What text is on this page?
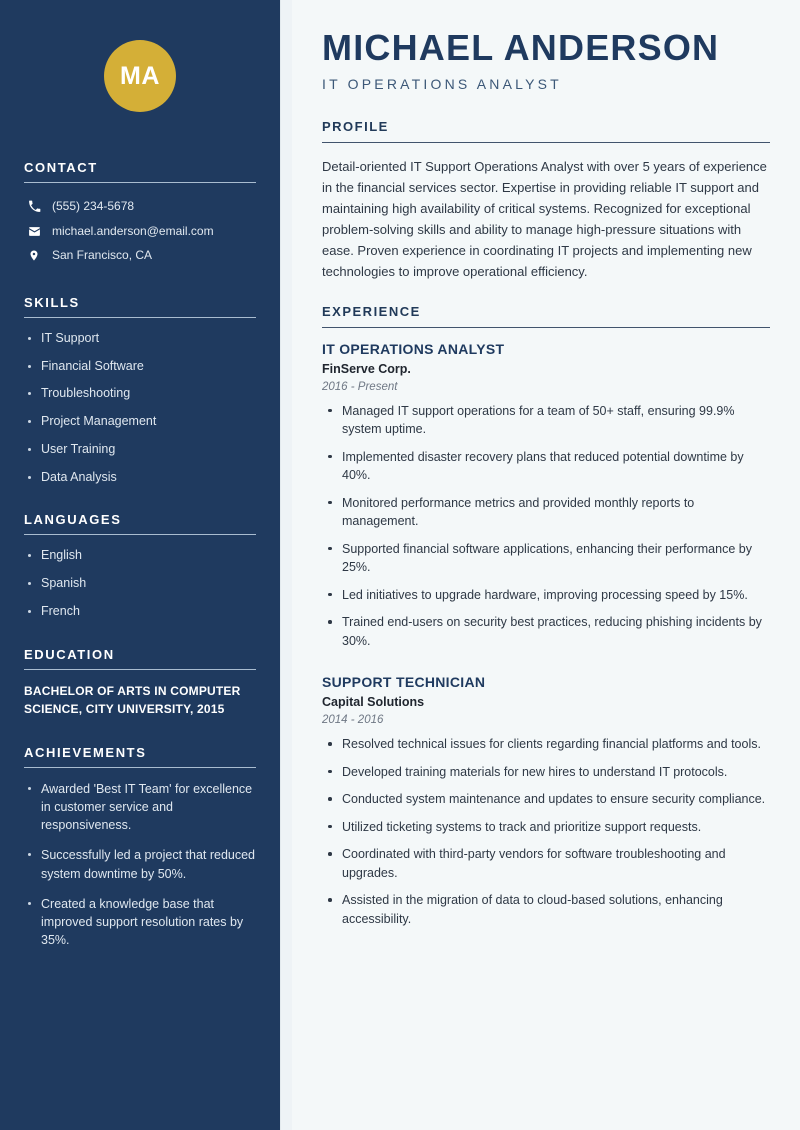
MA
CONTACT
(555) 234-5678
michael.anderson@email.com
San Francisco, CA
SKILLS
IT Support
Financial Software
Troubleshooting
Project Management
User Training
Data Analysis
LANGUAGES
English
Spanish
French
EDUCATION
BACHELOR OF ARTS IN COMPUTER SCIENCE, CITY UNIVERSITY, 2015
ACHIEVEMENTS
Awarded 'Best IT Team' for excellence in customer service and responsiveness.
Successfully led a project that reduced system downtime by 50%.
Created a knowledge base that improved support resolution rates by 35%.
MICHAEL ANDERSON
IT OPERATIONS ANALYST
PROFILE

Detail-oriented IT Support Operations Analyst with over 5 years of experience in the financial services sector. Expertise in providing reliable IT support and maintaining high availability of critical systems. Recognized for exceptional problem-solving skills and ability to manage high-pressure situations with ease. Proven experience in coordinating IT projects and implementing new technologies to improve operational efficiency.

EXPERIENCE
IT OPERATIONS ANALYST
FinServe Corp.
2016 - Present
Managed IT support operations for a team of 50+ staff, ensuring 99.9% system uptime.
Implemented disaster recovery plans that reduced potential downtime by 40%.
Monitored performance metrics and provided monthly reports to management.
Supported financial software applications, enhancing their performance by 25%.
Led initiatives to upgrade hardware, improving processing speed by 15%.
Trained end-users on security best practices, reducing phishing incidents by 30%.
SUPPORT TECHNICIAN
Capital Solutions
2014 - 2016
Resolved technical issues for clients regarding financial platforms and tools.
Developed training materials for new hires to understand IT protocols.
Conducted system maintenance and updates to ensure security compliance.
Utilized ticketing systems to track and prioritize support requests.
Coordinated with third-party vendors for software troubleshooting and upgrades.
Assisted in the migration of data to cloud-based solutions, enhancing accessibility.
